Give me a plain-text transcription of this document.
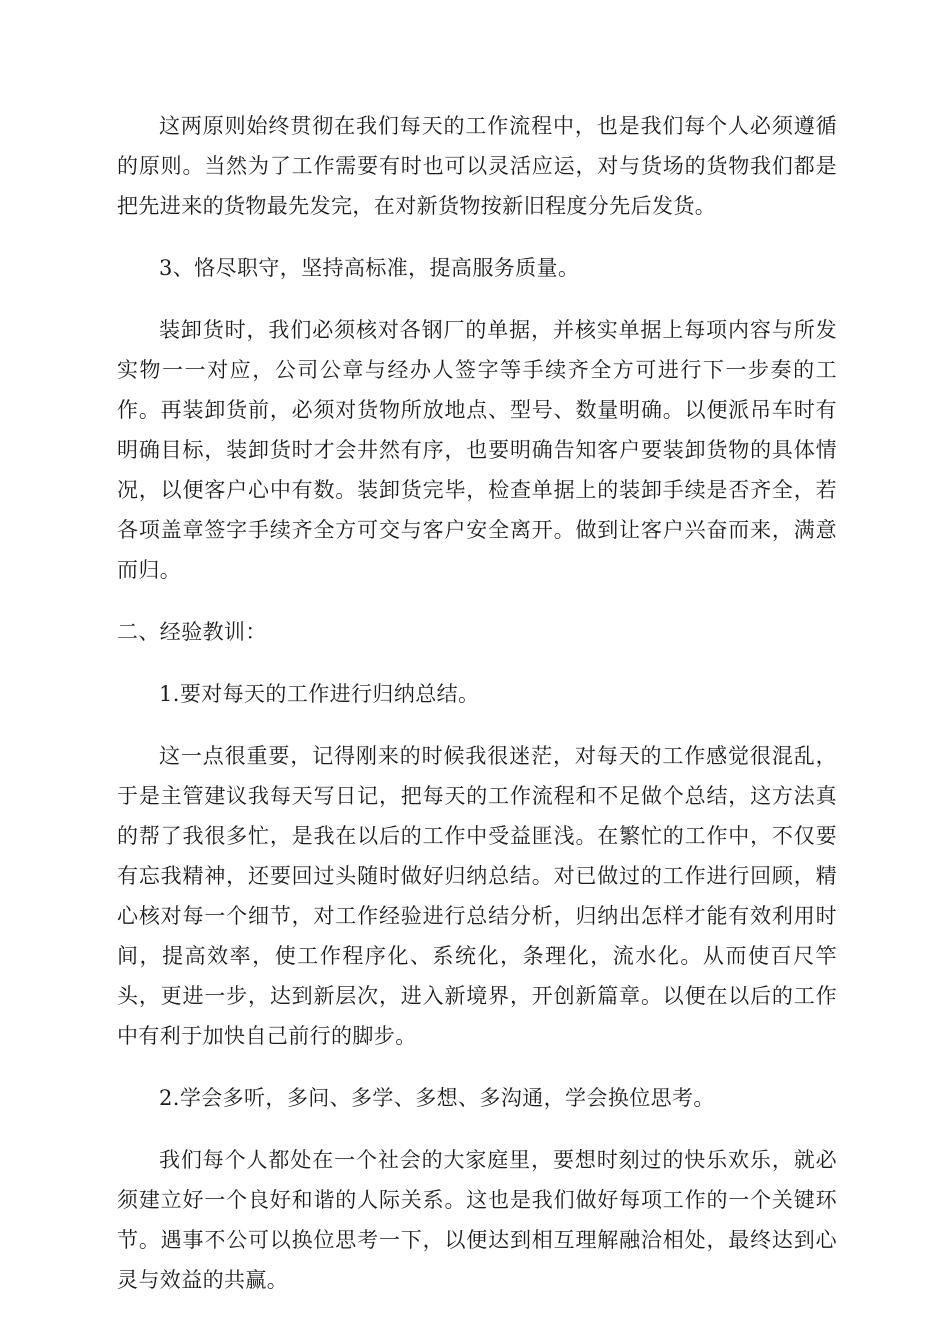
这两原则始终贯彻在我们每天的工作流程中，也是我们每个人必须遵循的原则。当然为了工作需要有时也可以灵活应运，对与货场的货物我们都是把先进来的货物最先发完，在对新货物按新旧程度分先后发货。

3、恪尽职守，坚持高标准，提高服务质量。

装卸货时，我们必须核对各钢厂的单据，并核实单据上每项内容与所发实物一一对应，公司公章与经办人签字等手续齐全方可进行下一步奏的工作。再装卸货前，必须对货物所放地点、型号、数量明确。以便派吊车时有明确目标，装卸货时才会井然有序，也要明确告知客户要装卸货物的具体情况，以便客户心中有数。装卸货完毕，检查单据上的装卸手续是否齐全，若各项盖章签字手续齐全方可交与客户安全离开。做到让客户兴奋而来，满意而归。

二、经验教训：

1.要对每天的工作进行归纳总结。

这一点很重要，记得刚来的时候我很迷茫，对每天的工作感觉很混乱，于是主管建议我每天写日记，把每天的工作流程和不足做个总结，这方法真的帮了我很多忙，是我在以后的工作中受益匪浅。在繁忙的工作中，不仅要有忘我精神，还要回过头随时做好归纳总结。对已做过的工作进行回顾，精心核对每一个细节，对工作经验进行总结分析，归纳出怎样才能有效利用时间，提高效率，使工作程序化、系统化，条理化，流水化。从而使百尺竿头，更进一步，达到新层次，进入新境界，开创新篇章。以便在以后的工作中有利于加快自己前行的脚步。

2.学会多听，多问、多学、多想、多沟通，学会换位思考。

我们每个人都处在一个社会的大家庭里，要想时刻过的快乐欢乐，就必须建立好一个良好和谐的人际关系。这也是我们做好每项工作的一个关键环节。遇事不公可以换位思考一下，以便达到相互理解融洽相处，最终达到心灵与效益的共赢。
